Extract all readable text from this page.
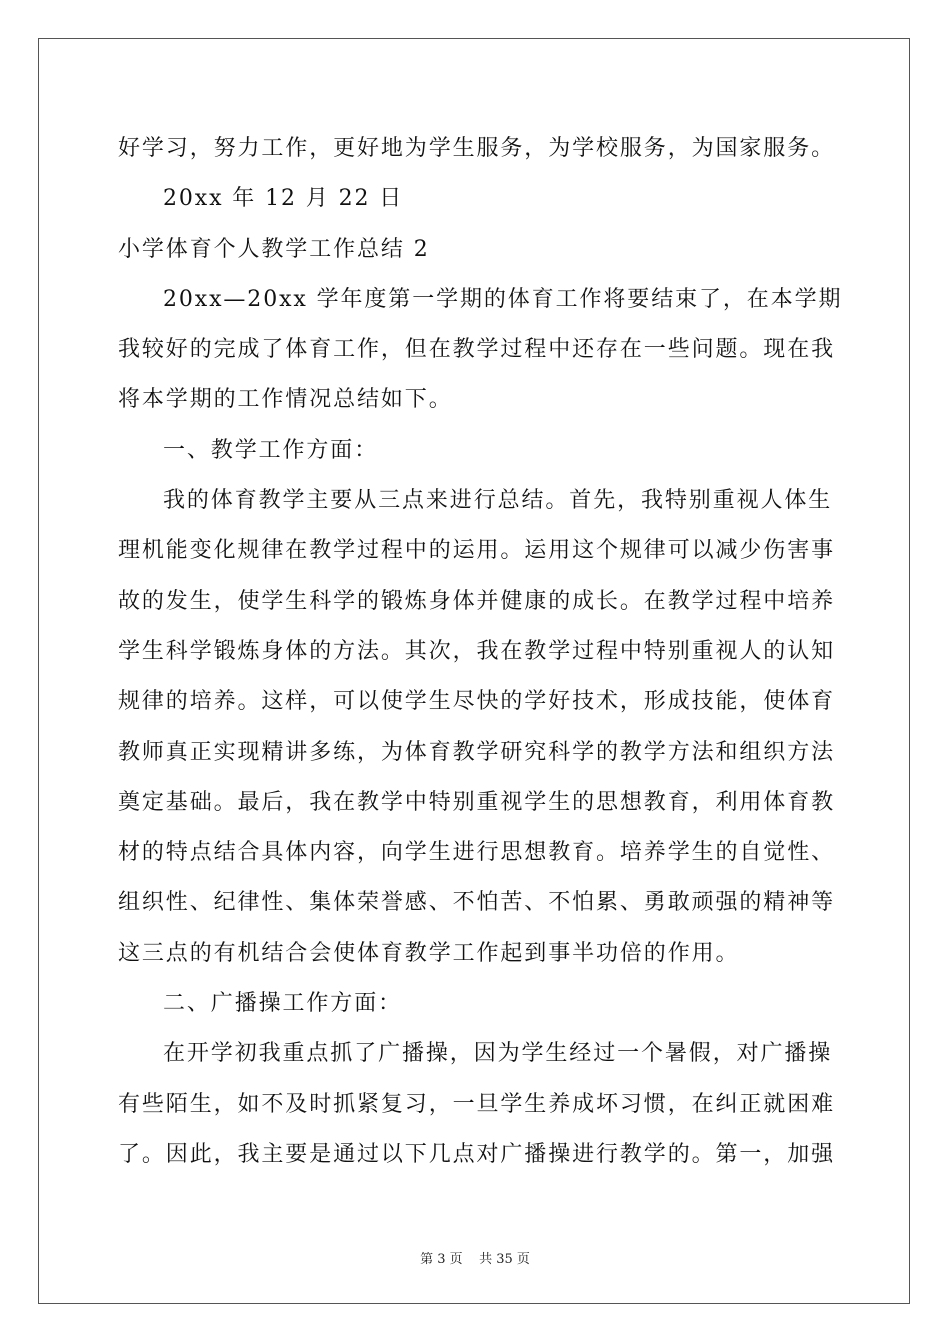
好学习，努力工作，更好地为学生服务，为学校服务，为国家服务。
20xx 年 12 月 22 日
小学体育个人教学工作总结 2
20xx—20xx 学年度第一学期的体育工作将要结束了，在本学期
我较好的完成了体育工作，但在教学过程中还存在一些问题。现在我
将本学期的工作情况总结如下。
一、教学工作方面：
我的体育教学主要从三点来进行总结。首先，我特别重视人体生
理机能变化规律在教学过程中的运用。运用这个规律可以减少伤害事
故的发生，使学生科学的锻炼身体并健康的成长。在教学过程中培养
学生科学锻炼身体的方法。其次，我在教学过程中特别重视人的认知
规律的培养。这样，可以使学生尽快的学好技术，形成技能，使体育
教师真正实现精讲多练，为体育教学研究科学的教学方法和组织方法
奠定基础。最后，我在教学中特别重视学生的思想教育，利用体育教
材的特点结合具体内容，向学生进行思想教育。培养学生的自觉性、
组织性、纪律性、集体荣誉感、不怕苦、不怕累、勇敢顽强的精神等
这三点的有机结合会使体育教学工作起到事半功倍的作用。
二、广播操工作方面：
在开学初我重点抓了广播操，因为学生经过一个暑假，对广播操
有些陌生，如不及时抓紧复习，一旦学生养成坏习惯，在纠正就困难
了。因此，我主要是通过以下几点对广播操进行教学的。第一，加强
第 3 页    共 35 页
